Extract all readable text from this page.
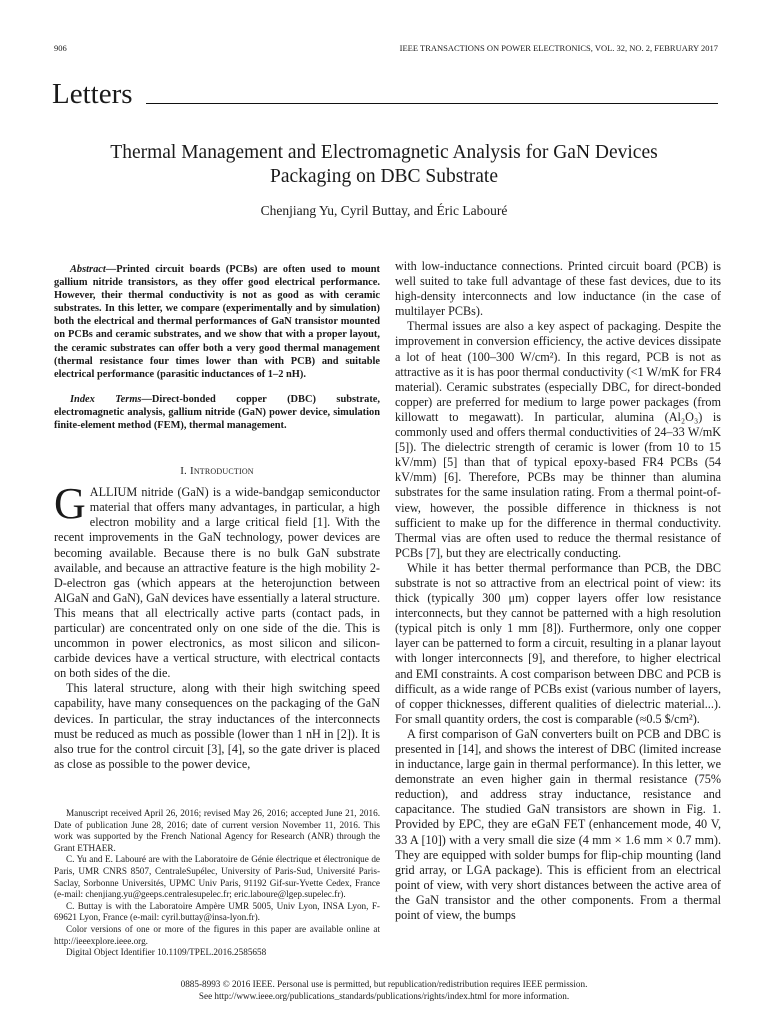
906	IEEE TRANSACTIONS ON POWER ELECTRONICS, VOL. 32, NO. 2, FEBRUARY 2017
Letters
Thermal Management and Electromagnetic Analysis for GaN Devices
Packaging on DBC Substrate
Chenjiang Yu, Cyril Buttay, and Éric Labouré

Abstract—Printed circuit boards (PCBs) are often used to mount gallium nitride transistors, as they offer good electrical performance. However, their thermal conductivity is not as good as with ceramic substrates. In this letter, we compare (experimentally and by simulation) both the electrical and thermal performances of GaN transistor mounted on PCBs and ceramic substrates, and we show that with a proper layout, the ceramic substrates can offer both a very good thermal management (thermal resistance four times lower than with PCB) and suitable electrical performance (parasitic inductances of 1–2 nH).

Index Terms—Direct-bonded copper (DBC) substrate, electromagnetic analysis, gallium nitride (GaN) power device, simulation finite-element method (FEM), thermal management.

I. Introduction

GALLIUM nitride (GaN) is a wide-bandgap semiconductor material that offers many advantages, in particular, a high electron mobility and a large critical field [1]. With the recent improvements in the GaN technology, power devices are becoming available. Because there is no bulk GaN substrate available, and because an attractive feature is the high mobility 2-D-electron gas (which appears at the heterojunction between AlGaN and GaN), GaN devices have essentially a lateral structure. This means that all electrically active parts (contact pads, in particular) are concentrated only on one side of the die. This is uncommon in power electronics, as most silicon and silicon-carbide devices have a vertical structure, with electrical contacts on both sides of the die.

This lateral structure, along with their high switching speed capability, have many consequences on the packaging of the GaN devices. In particular, the stray inductances of the interconnects must be reduced as much as possible (lower than 1 nH in [2]). It is also true for the control circuit [3], [4], so the gate driver is placed as close as possible to the power device,

Manuscript received April 26, 2016; revised May 26, 2016; accepted June 21, 2016. Date of publication June 28, 2016; date of current version November 11, 2016. This work was supported by the French National Agency for Research (ANR) through the Grant ETHAER.

C. Yu and E. Labouré are with the Laboratoire de Génie électrique et électronique de Paris, UMR CNRS 8507, CentraleSupélec, University of Paris-Sud, Université Paris-Saclay, Sorbonne Universités, UPMC Univ Paris, 91192 Gif-sur-Yvette Cedex, France (e-mail: chenjiang.yu@geeps.centralesupelec.fr; eric.laboure@lgep.supelec.fr).

C. Buttay is with the Laboratoire Ampère UMR 5005, Univ Lyon, INSA Lyon, F-69621 Lyon, France (e-mail: cyril.buttay@insa-lyon.fr).

Color versions of one or more of the figures in this paper are available online at http://ieeexplore.ieee.org.

Digital Object Identifier 10.1109/TPEL.2016.2585658

with low-inductance connections. Printed circuit board (PCB) is well suited to take full advantage of these fast devices, due to its high-density interconnects and low inductance (in the case of multilayer PCBs).

Thermal issues are also a key aspect of packaging. Despite the improvement in conversion efficiency, the active devices dissipate a lot of heat (100–300 W/cm²). In this regard, PCB is not as attractive as it is has poor thermal conductivity (<1 W/mK for FR4 material). Ceramic substrates (especially DBC, for direct-bonded copper) are preferred for medium to large power packages (from killowatt to megawatt). In particular, alumina (Al₂O₃) is commonly used and offers thermal conductivities of 24–33 W/mK [5]). The dielectric strength of ceramic is lower (from 10 to 15 kV/mm) [5] than that of typical epoxy-based FR4 PCBs (54 kV/mm) [6]. Therefore, PCBs may be thinner than alumina substrates for the same insulation rating. From a thermal point-of-view, however, the possible difference in thickness is not sufficient to make up for the difference in thermal conductivity. Thermal vias are often used to reduce the thermal resistance of PCBs [7], but they are electrically conducting.

While it has better thermal performance than PCB, the DBC substrate is not so attractive from an electrical point of view: its thick (typically 300 μm) copper layers offer low resistance interconnects, but they cannot be patterned with a high resolution (typical pitch is only 1 mm [8]). Furthermore, only one copper layer can be patterned to form a circuit, resulting in a planar layout with longer interconnects [9], and therefore, to higher electrical and EMI constraints. A cost comparison between DBC and PCB is difficult, as a wide range of PCBs exist (various number of layers, of copper thicknesses, different qualities of dielectric material...). For small quantity orders, the cost is comparable (≈0.5 $/cm²).

A first comparison of GaN converters built on PCB and DBC is presented in [14], and shows the interest of DBC (limited increase in inductance, large gain in thermal performance). In this letter, we demonstrate an even higher gain in thermal resistance (75% reduction), and address stray inductance, resistance and capacitance. The studied GaN transistors are shown in Fig. 1. Provided by EPC, they are eGaN FET (enhancement mode, 40 V, 33 A [10]) with a very small die size (4 mm × 1.6 mm × 0.7 mm). They are equipped with solder bumps for flip-chip mounting (land grid array, or LGA package). This is efficient from an electrical point of view, with very short distances between the active area of the GaN transistor and the other components. From a thermal point of view, the bumps

0885-8993 © 2016 IEEE. Personal use is permitted, but republication/redistribution requires IEEE permission.
See http://www.ieee.org/publications_standards/publications/rights/index.html for more information.
